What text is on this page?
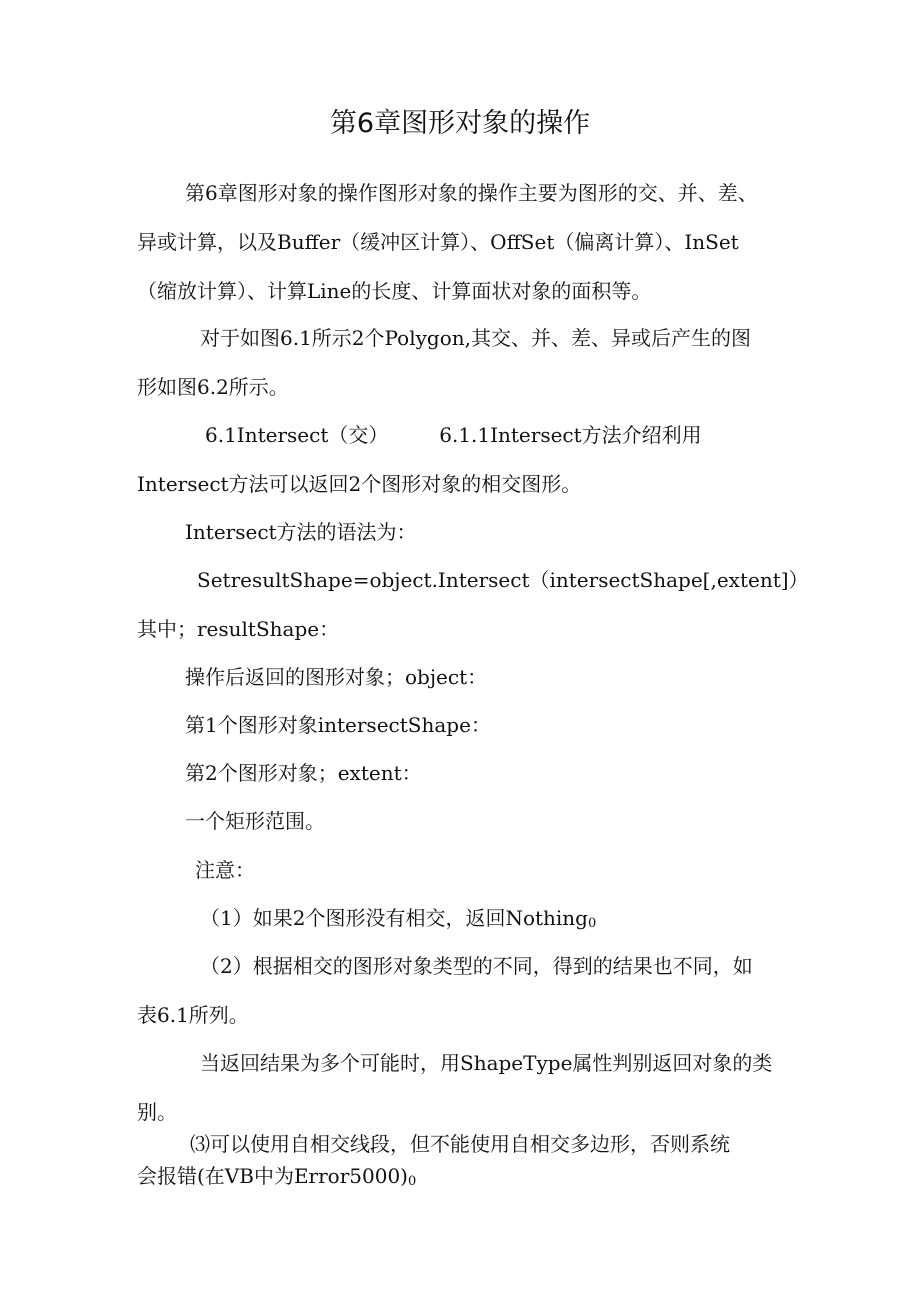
第6章图形对象的操作
第6章图形对象的操作图形对象的操作主要为图形的交、并、差、
异或计算，以及Buffer（缓冲区计算）、OffSet（偏离计算）、InSet
（缩放计算）、计算Line的长度、计算面状对象的面积等。
对于如图6.1所示2个Polygon,其交、并、差、异或后产生的图
形如图6.2所示。
6.1Intersect（交）        6.1.1Intersect方法介绍利用
Intersect方法可以返回2个图形对象的相交图形。
Intersect方法的语法为：
SetresultShape=object.Intersect（intersectShape[,extent]）
其中；resultShape：
操作后返回的图形对象；object：
第1个图形对象intersectShape：
第2个图形对象；extent：
一个矩形范围。
注意：
（1）如果2个图形没有相交，返回Nothing0
（2）根据相交的图形对象类型的不同，得到的结果也不同，如
表6.1所列。
当返回结果为多个可能时，用ShapeType属性判别返回对象的类
别。
⑶可以使用自相交线段，但不能使用自相交多边形，否则系统
会报错(在VB中为Error5000)0
